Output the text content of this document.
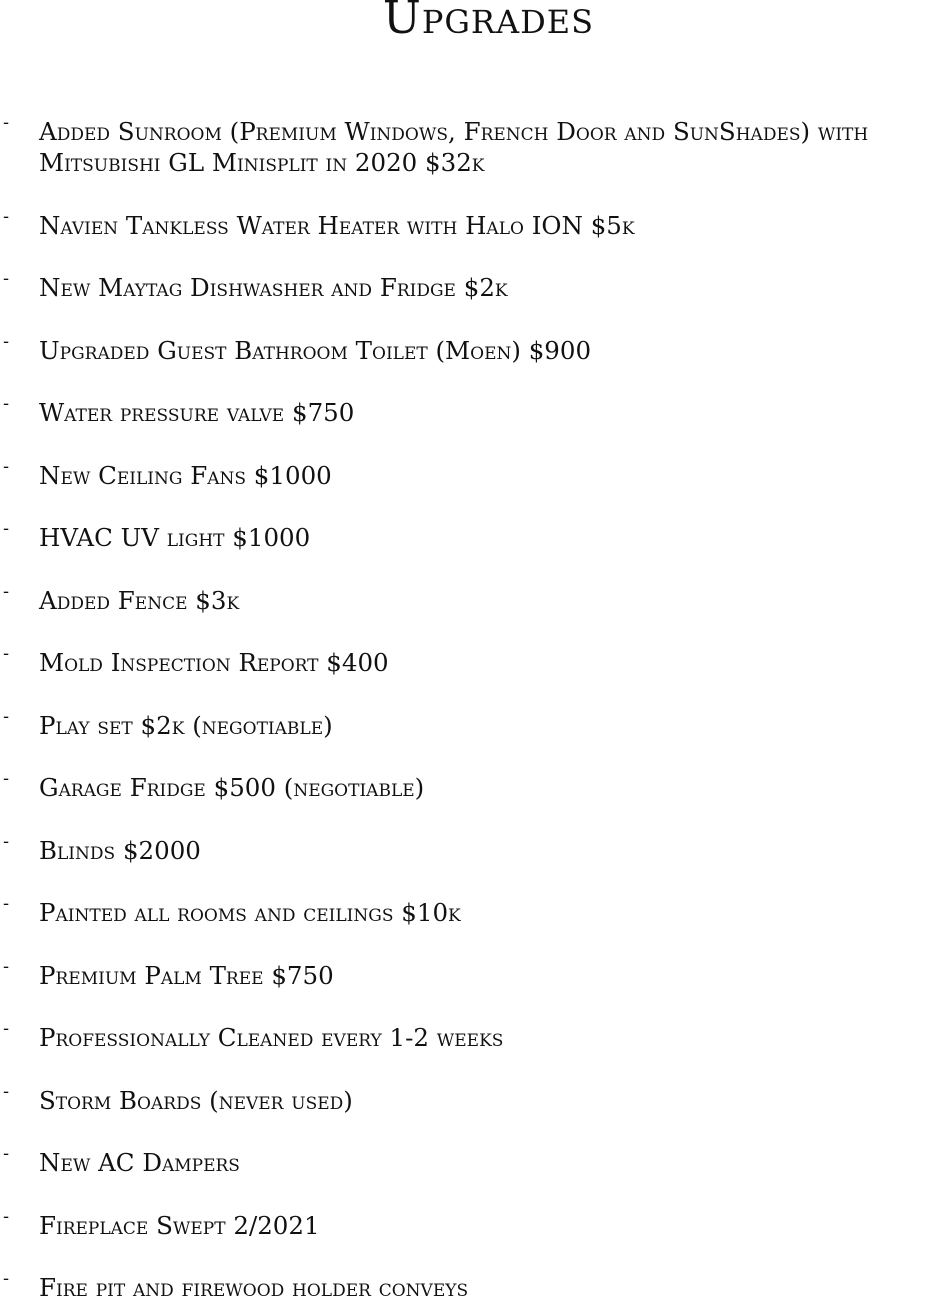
Upgrades
- Added Sunroom (Premium Windows, French Door and SunShades) with
Mitsubishi GL Minisplit in 2020 $32k
- Navien Tankless Water Heater with Halo ION $5k
- New Maytag Dishwasher and Fridge $2k
- Upgraded Guest Bathroom Toilet (Moen) $900
- Water pressure valve $750
- New Ceiling Fans $1000
- HVAC UV light $1000
- Added Fence $3k
- Mold Inspection Report $400
- Play set $2k (negotiable)
- Garage Fridge $500 (negotiable)
- Blinds $2000
- Painted all rooms and ceilings $10k
- Premium Palm Tree $750
- Professionally Cleaned every 1-2 weeks
- Storm Boards (never used)
- New AC Dampers
- Fireplace Swept 2/2021
- Fire pit and firewood holder conveys
